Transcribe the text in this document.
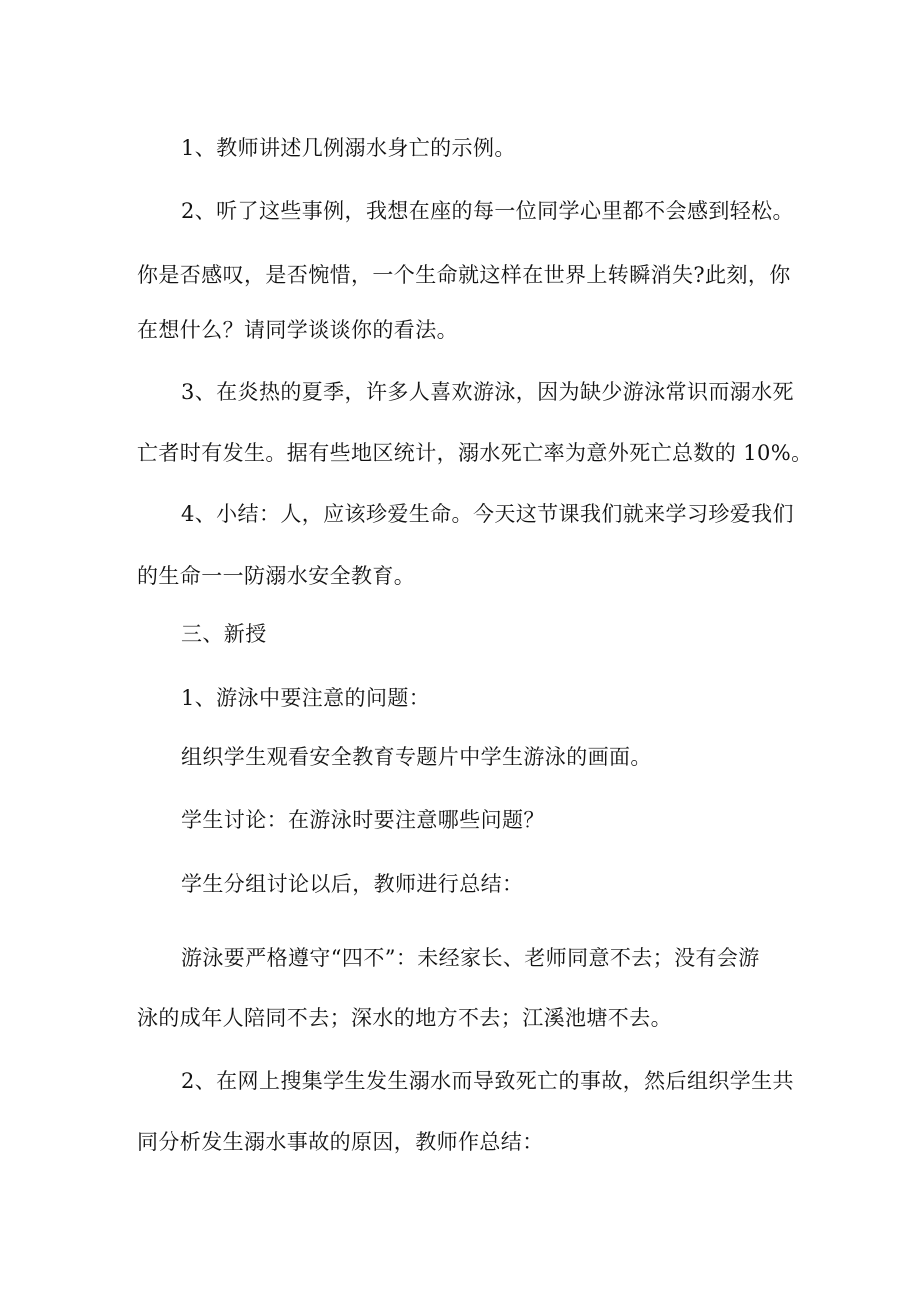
1、教师讲述几例溺水身亡的示例。
2、听了这些事例，我想在座的每一位同学心里都不会感到轻松。
你是否感叹，是否惋惜，一个生命就这样在世界上转瞬消失?此刻，你
在想什么？请同学谈谈你的看法。
3、在炎热的夏季，许多人喜欢游泳，因为缺少游泳常识而溺水死
亡者时有发生。据有些地区统计，溺水死亡率为意外死亡总数的 10%。
4、小结：人，应该珍爱生命。今天这节课我们就来学习珍爱我们
的生命一一防溺水安全教育。
三、新授
1、游泳中要注意的问题：
组织学生观看安全教育专题片中学生游泳的画面。
学生讨论：在游泳时要注意哪些问题？
学生分组讨论以后，教师进行总结：
游泳要严格遵守“四不”：未经家长、老师同意不去；没有会游
泳的成年人陪同不去；深水的地方不去；江溪池塘不去。
2、在网上搜集学生发生溺水而导致死亡的事故，然后组织学生共
同分析发生溺水事故的原因，教师作总结：
